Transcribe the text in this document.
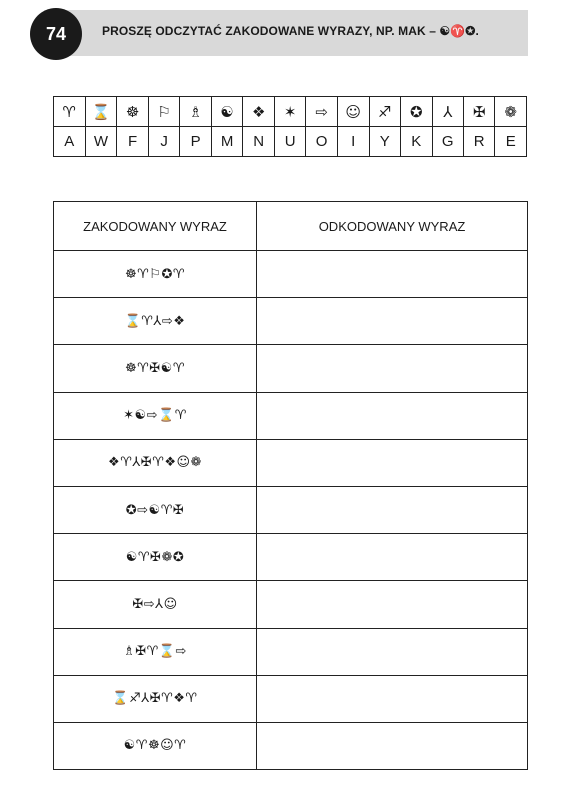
74	PROSZĘ ODCZYTAĆ ZAKODOWANE WYRAZY, NP. MAK – ☯♈✪.
♈	⌛	☸	⚐	♗	☯	❖	✶	⇨	☺	♐	✪	⅄	✠	❁
A	W	F	J	P	M	N	U	O	I	Y	K	G	R	E
ZAKODOWANY WYRAZ	ODKODOWANY WYRAZ
☸♈⚐✪♈	
⌛♈⅄⇨❖	
☸♈✠☯♈	
✶☯⇨⌛♈	
❖♈⅄✠♈❖☺❁	
✪⇨☯♈✠	
☯♈✠❁✪	
✠⇨⅄☺	
♗✠♈⌛⇨	
⌛♐⅄✠♈❖♈	
☯♈☸☺♈	
